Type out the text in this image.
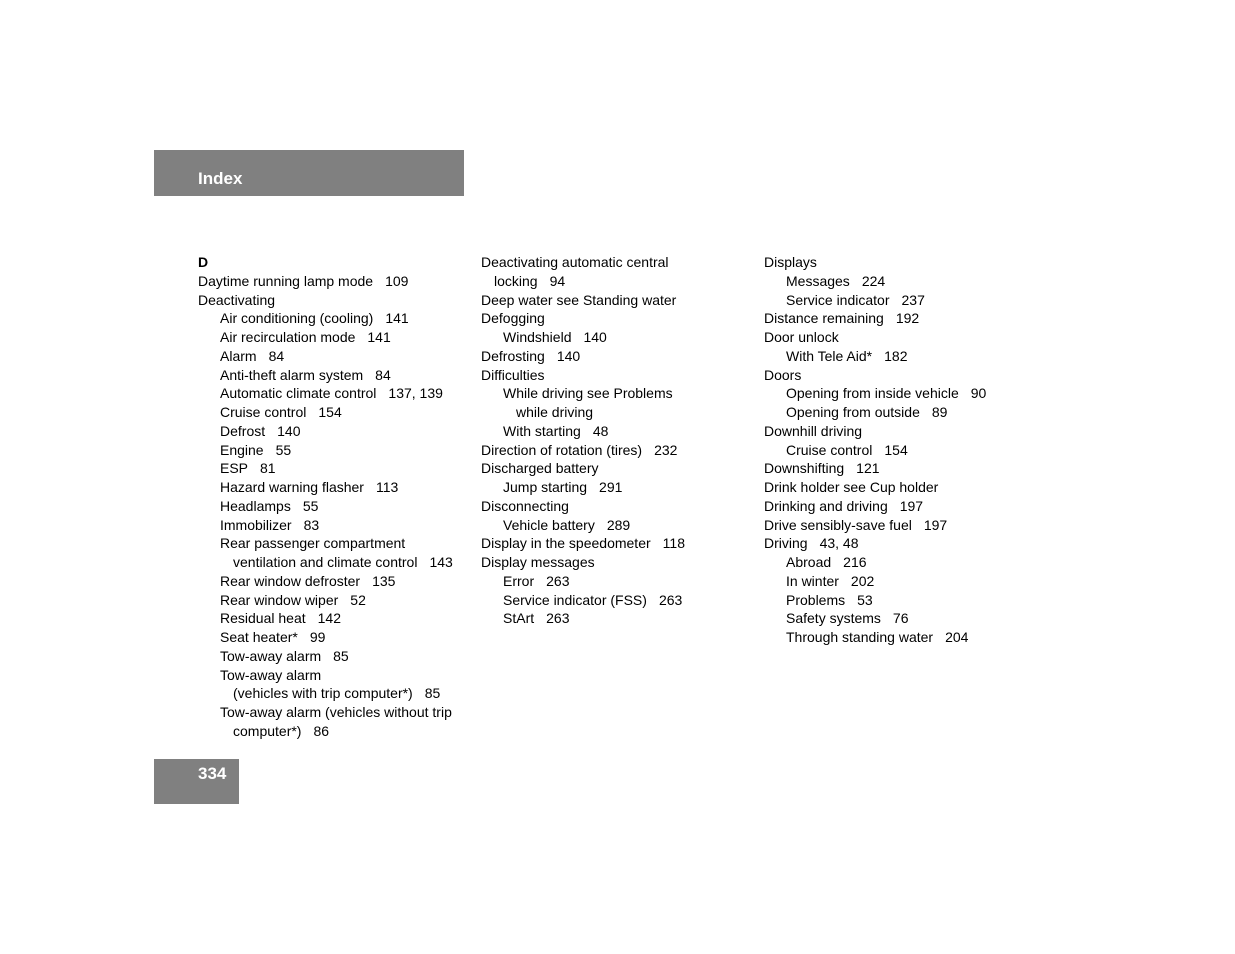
Index
D
Daytime running lamp mode 109
Deactivating
Air conditioning (cooling) 141
Air recirculation mode 141
Alarm 84
Anti-theft alarm system 84
Automatic climate control 137, 139
Cruise control 154
Defrost 140
Engine 55
ESP 81
Hazard warning flasher 113
Headlamps 55
Immobilizer 83
Rear passenger compartment
ventilation and climate control 143
Rear window defroster 135
Rear window wiper 52
Residual heat 142
Seat heater* 99
Tow-away alarm 85
Tow-away alarm
(vehicles with trip computer*) 85
Tow-away alarm (vehicles without trip
computer*) 86
Deactivating automatic central
locking 94
Deep water see Standing water
Defogging
Windshield 140
Defrosting 140
Difficulties
While driving see Problems
while driving
With starting 48
Direction of rotation (tires) 232
Discharged battery
Jump starting 291
Disconnecting
Vehicle battery 289
Display in the speedometer 118
Display messages
Error 263
Service indicator (FSS) 263
StArt 263
Displays
Messages 224
Service indicator 237
Distance remaining 192
Door unlock
With Tele Aid* 182
Doors
Opening from inside vehicle 90
Opening from outside 89
Downhill driving
Cruise control 154
Downshifting 121
Drink holder see Cup holder
Drinking and driving 197
Drive sensibly-save fuel 197
Driving 43, 48
Abroad 216
In winter 202
Problems 53
Safety systems 76
Through standing water 204
334
